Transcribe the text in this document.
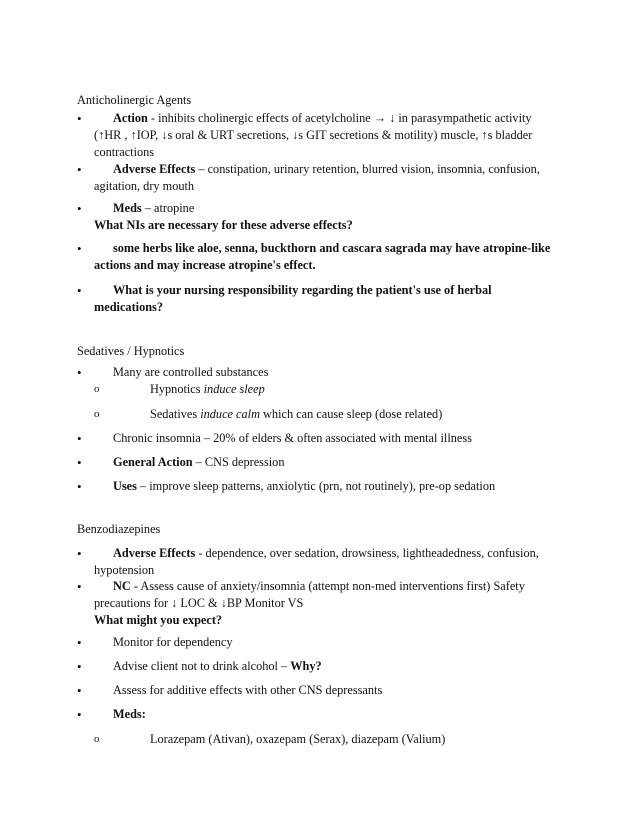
Anticholinergic Agents
•	Action - inhibits cholinergic effects of acetylcholine → ↓ in parasympathetic activity
(↑HR , ↑IOP, ↓s oral & URT secretions, ↓s GIT secretions & motility) muscle, ↑s bladder
contractions
•	Adverse Effects – constipation, urinary retention, blurred vision, insomnia, confusion,
agitation, dry mouth
•	Meds – atropine
What NIs are necessary for these adverse effects?
•	some herbs like aloe, senna, buckthorn and cascara sagrada may have atropine-like
actions and may increase atropine's effect.
•	What is your nursing responsibility regarding the patient's use of herbal
medications?
Sedatives / Hypnotics
•	Many are controlled substances
o	Hypnotics induce sleep
o	Sedatives induce calm which can cause sleep (dose related)
•	Chronic insomnia – 20% of elders & often associated with mental illness
•	General Action – CNS depression
•	Uses – improve sleep patterns, anxiolytic (prn, not routinely), pre-op sedation
Benzodiazepines
•	Adverse Effects - dependence, over sedation, drowsiness, lightheadedness, confusion,
hypotension
•	NC - Assess cause of anxiety/insomnia (attempt non-med interventions first) Safety
precautions for ↓ LOC & ↓BP Monitor VS
What might you expect?
•	Monitor for dependency
•	Advise client not to drink alcohol – Why?
•	Assess for additive effects with other CNS depressants
•	Meds:
o	Lorazepam (Ativan), oxazepam (Serax), diazepam (Valium)
